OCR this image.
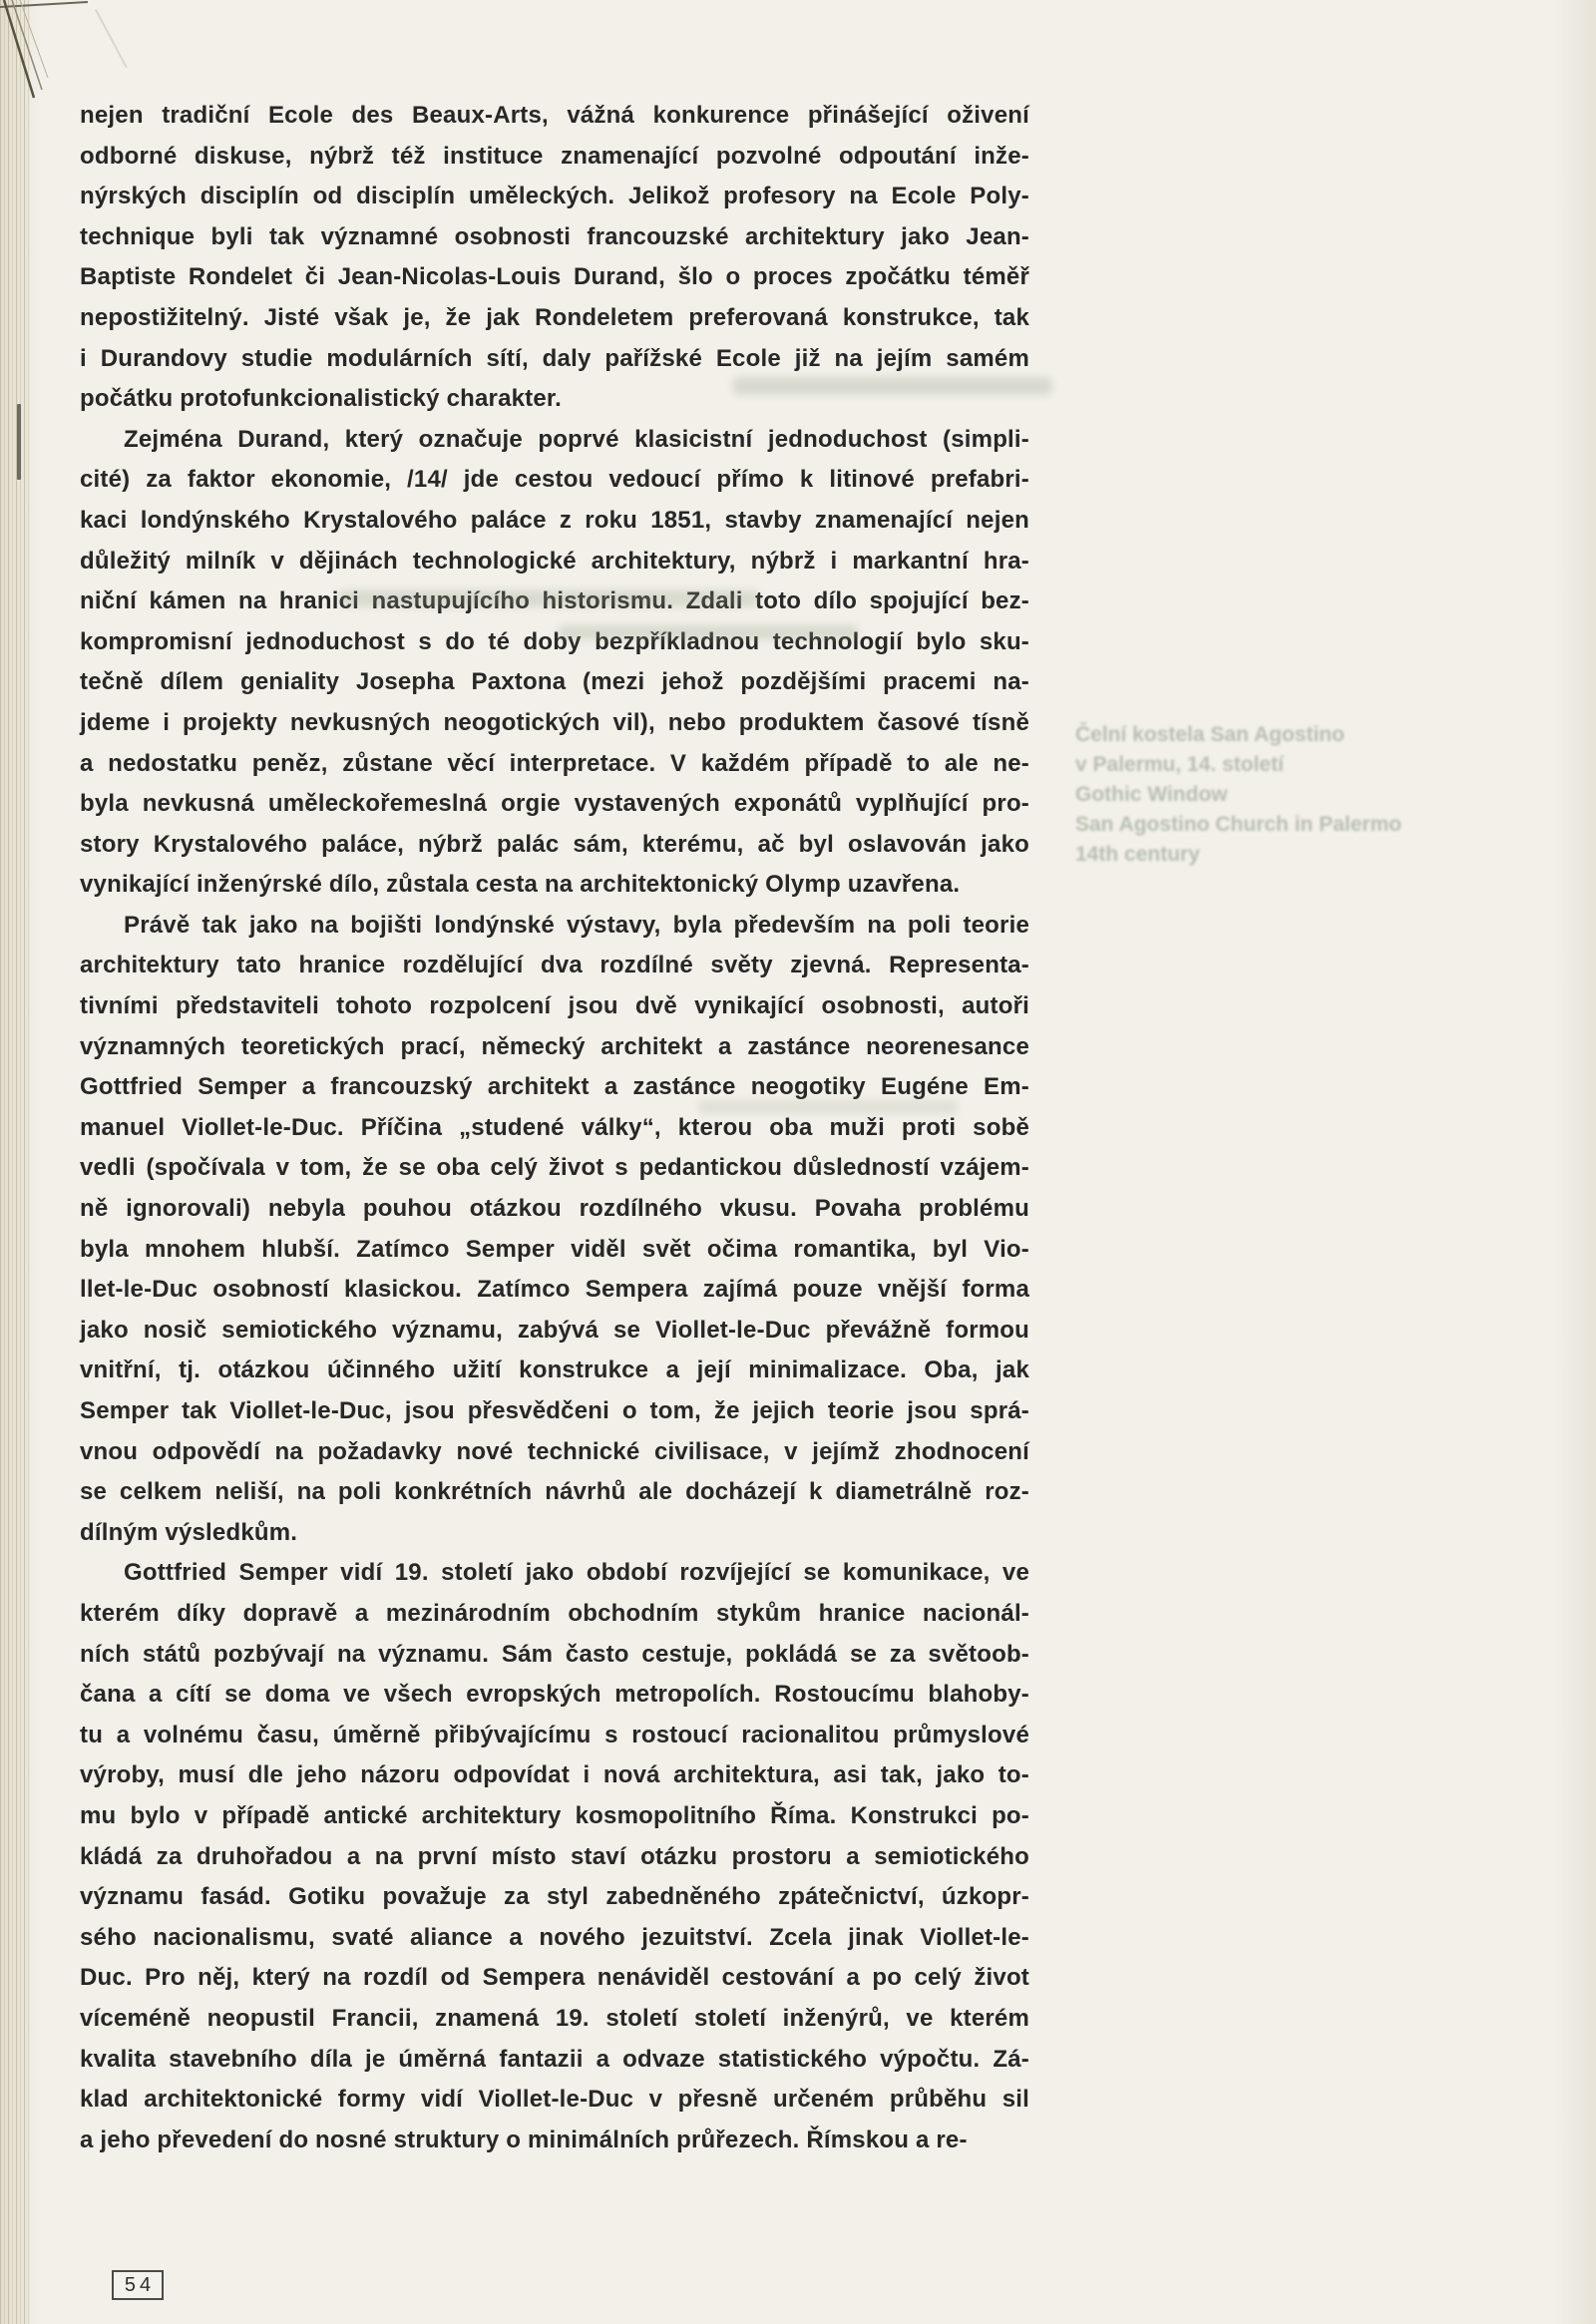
nejen tradiční Ecole des Beaux-Arts, vážná konkurence přinášející oživení
odborné diskuse, nýbrž též instituce znamenající pozvolné odpoutání inže-
nýrských disciplín od disciplín uměleckých. Jelikož profesory na Ecole Poly-
technique byli tak významné osobnosti francouzské architektury jako Jean-
Baptiste Rondelet či Jean-Nicolas-Louis Durand, šlo o proces zpočátku téměř
nepostižitelný. Jisté však je, že jak Rondeletem preferovaná konstrukce, tak
i Durandovy studie modulárních sítí, daly pařížské Ecole již na jejím samém
počátku protofunkcionalistický charakter.
Zejména Durand, který označuje poprvé klasicistní jednoduchost (simpli-
cité) za faktor ekonomie, /14/ jde cestou vedoucí přímo k litinové prefabri-
kaci londýnského Krystalového paláce z roku 1851, stavby znamenající nejen
důležitý milník v dějinách technologické architektury, nýbrž i markantní hra-
niční kámen na hranici nastupujícího historismu. Zdali toto dílo spojující bez-
kompromisní jednoduchost s do té doby bezpříkladnou technologií bylo sku-
tečně dílem geniality Josepha Paxtona (mezi jehož pozdějšími pracemi na-
jdeme i projekty nevkusných neogotických vil), nebo produktem časové tísně
a nedostatku peněz, zůstane věcí interpretace. V každém případě to ale ne-
byla nevkusná uměleckořemeslná orgie vystavených exponátů vyplňující pro-
story Krystalového paláce, nýbrž palác sám, kterému, ač byl oslavován jako
vynikající inženýrské dílo, zůstala cesta na architektonický Olymp uzavřena.
Právě tak jako na bojišti londýnské výstavy, byla především na poli teorie
architektury tato hranice rozdělující dva rozdílné světy zjevná. Representa-
tivními představiteli tohoto rozpolcení jsou dvě vynikající osobnosti, autoři
významných teoretických prací, německý architekt a zastánce neorenesance
Gottfried Semper a francouzský architekt a zastánce neogotiky Eugéne Em-
manuel Viollet-le-Duc. Příčina „studené války“, kterou oba muži proti sobě
vedli (spočívala v tom, že se oba celý život s pedantickou důsledností vzájem-
ně ignorovali) nebyla pouhou otázkou rozdílného vkusu. Povaha problému
byla mnohem hlubší. Zatímco Semper viděl svět očima romantika, byl Vio-
llet-le-Duc osobností klasickou. Zatímco Sempera zajímá pouze vnější forma
jako nosič semiotického významu, zabývá se Viollet-le-Duc převážně formou
vnitřní, tj. otázkou účinného užití konstrukce a její minimalizace. Oba, jak
Semper tak Viollet-le-Duc, jsou přesvědčeni o tom, že jejich teorie jsou sprá-
vnou odpovědí na požadavky nové technické civilisace, v jejímž zhodnocení
se celkem neliší, na poli konkrétních návrhů ale docházejí k diametrálně roz-
dílným výsledkům.
Gottfried Semper vidí 19. století jako období rozvíjející se komunikace, ve
kterém díky dopravě a mezinárodním obchodním stykům hranice nacionál-
ních států pozbývají na významu. Sám často cestuje, pokládá se za světoob-
čana a cítí se doma ve všech evropských metropolích. Rostoucímu blahoby-
tu a volnému času, úměrně přibývajícímu s rostoucí racionalitou průmyslové
výroby, musí dle jeho názoru odpovídat i nová architektura, asi tak, jako to-
mu bylo v případě antické architektury kosmopolitního Říma. Konstrukci po-
kládá za druhořadou a na první místo staví otázku prostoru a semiotického
významu fasád. Gotiku považuje za styl zabedněného zpátečnictví, úzkopr-
sého nacionalismu, svaté aliance a nového jezuitství. Zcela jinak Viollet-le-
Duc. Pro něj, který na rozdíl od Sempera nenáviděl cestování a po celý život
víceméně neopustil Francii, znamená 19. století století inženýrů, ve kterém
kvalita stavebního díla je úměrná fantazii a odvaze statistického výpočtu. Zá-
klad architektonické formy vidí Viollet-le-Duc v přesně určeném průběhu sil
a jeho převedení do nosné struktury o minimálních průřezech. Římskou a re-
Čelní kostela San Agostino
v Palermu, 14. století
Gothic Window
San Agostino Church in Palermo
14th century
54
